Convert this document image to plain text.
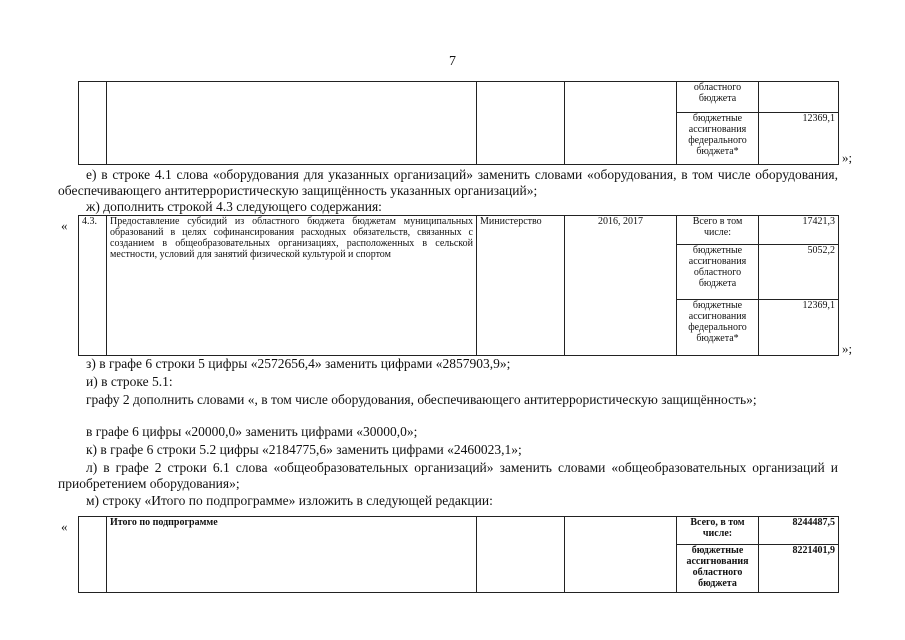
7
				областного бюджета	
				бюджетные ассигнования федерального бюджета*	12369,1
»;
е) в строке 4.1 слова «оборудования для указанных организаций» заменить словами «оборудования, в том числе оборудования, обеспечивающего антитеррористическую защищённость указанных организаций»;
ж) дополнить строкой 4.3 следующего содержания:
« 4.3.	Предоставление субсидий из областного бюджета бюджетам муниципальных образований в целях софинансирования расходных обязательств, связанных с созданием в общеобразовательных организациях, расположенных в сельской местности, условий для занятий физической культурой и спортом	Министерство	2016, 2017	Всего в том числе:	17421,3
				бюджетные ассигнования областного бюджета	5052,2
				бюджетные ассигнования федерального бюджета*	12369,1
»;
з) в графе 6 строки 5 цифры «2572656,4» заменить цифрами «2857903,9»;
и) в строке 5.1:
графу 2 дополнить словами «, в том числе оборудования, обеспечивающего антитеррористическую защищённость»;
в графе 6 цифры «20000,0» заменить цифрами «30000,0»;
к) в графе 6 строки 5.2 цифры «2184775,6» заменить цифрами «2460023,1»;
л) в графе 2 строки 6.1 слова «общеобразовательных организаций» заменить словами «общеобразовательных организаций и приобретением оборудования»;
м) строку «Итого по подпрограмме» изложить в следующей редакции:
«
		Итого по подпрограмме			Всего, в том числе:	8244487,5
				бюджетные ассигнования областного бюджета	8221401,9
